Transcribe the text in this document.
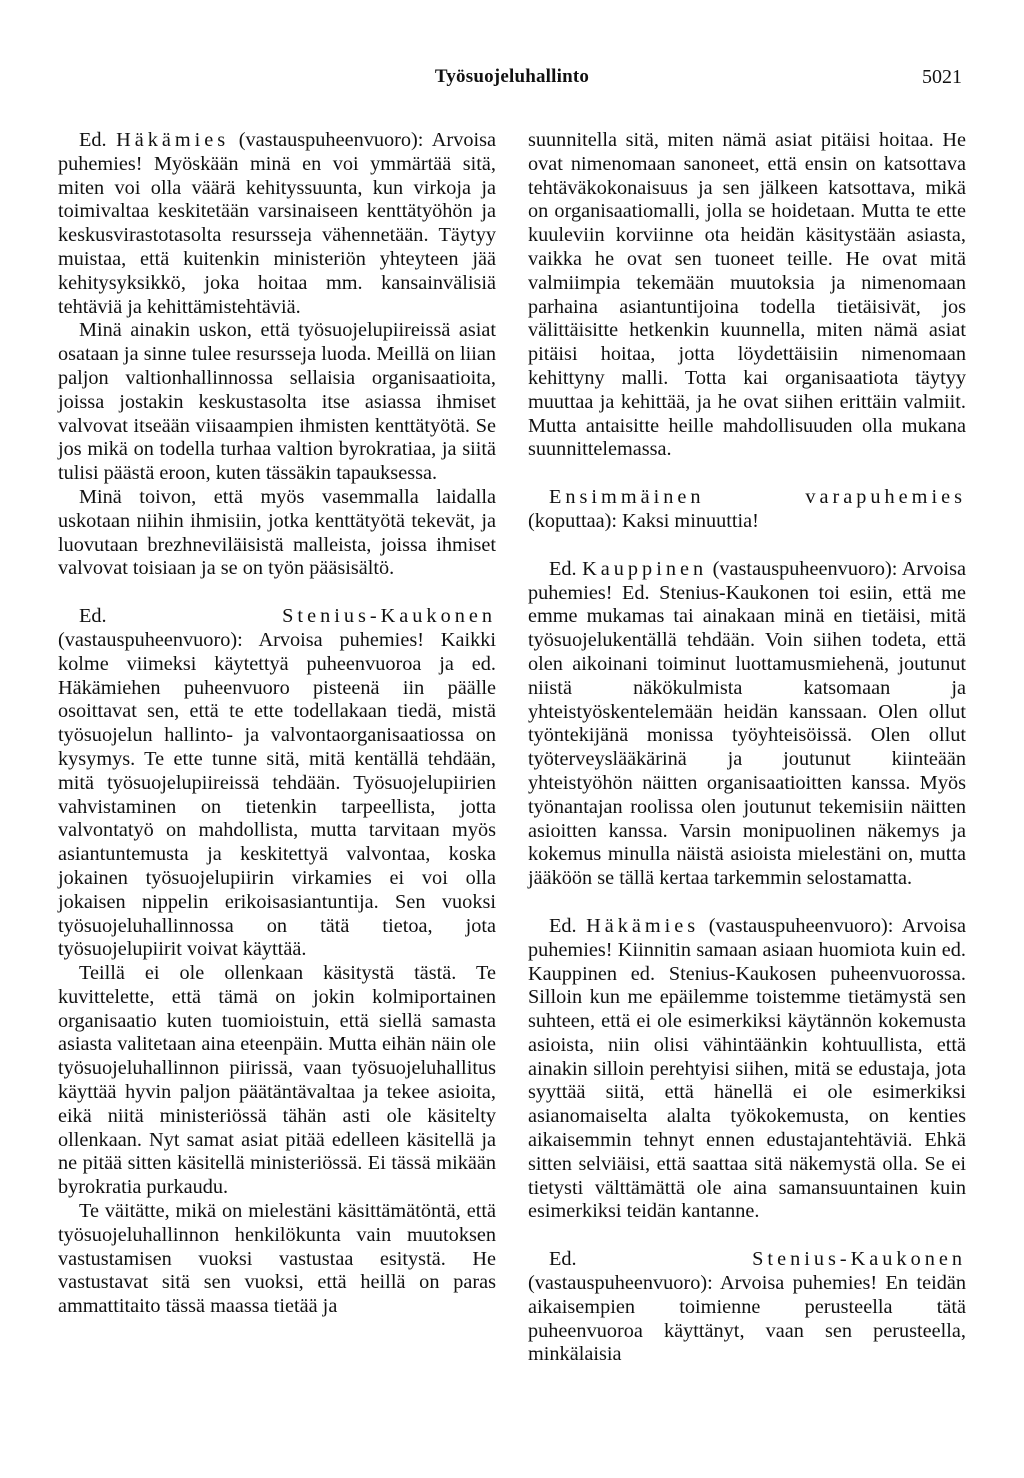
Työsuojeluhallinto	5021

Ed. Häkämies (vastauspuheenvuoro): Arvoisa puhemies! Myöskään minä en voi ymmärtää sitä, miten voi olla väärä kehityssuunta, kun virkoja ja toimivaltaa keskitetään varsinaiseen kenttätyöhön ja keskusvirastotasolta resursseja vähennetään. Täytyy muistaa, että kuitenkin ministeriön yhteyteen jää kehitysyksikkö, joka hoitaa mm. kansainvälisiä tehtäviä ja kehittämistehtäviä.

Minä ainakin uskon, että työsuojelupiireissä asiat osataan ja sinne tulee resursseja luoda. Meillä on liian paljon valtionhallinnossa sellaisia organisaatioita, joissa jostakin keskustasolta itse asiassa ihmiset valvovat itseään viisaampien ihmisten kenttätyötä. Se jos mikä on todella turhaa valtion byrokratiaa, ja siitä tulisi päästä eroon, kuten tässäkin tapauksessa.

Minä toivon, että myös vasemmalla laidalla uskotaan niihin ihmisiin, jotka kenttätyötä tekevät, ja luovutaan brezhneviläisistä malleista, joissa ihmiset valvovat toisiaan ja se on työn pääsisältö.

Ed. Stenius-Kaukonen (vastauspuheenvuoro): Arvoisa puhemies! Kaikki kolme viimeksi käytettyä puheenvuoroa ja ed. Häkämiehen puheenvuoro pisteenä iin päälle osoittavat sen, että te ette todellakaan tiedä, mistä työsuojelun hallinto- ja valvontaorganisaatiossa on kysymys. Te ette tunne sitä, mitä kentällä tehdään, mitä työsuojelupiireissä tehdään. Työsuojelupiirien vahvistaminen on tietenkin tarpeellista, jotta valvontatyö on mahdollista, mutta tarvitaan myös asiantuntemusta ja keskitettyä valvontaa, koska jokainen työsuojelupiirin virkamies ei voi olla jokaisen nippelin erikoisasiantuntija. Sen vuoksi työsuojeluhallinnossa on tätä tietoa, jota työsuojelupiirit voivat käyttää.

Teillä ei ole ollenkaan käsitystä tästä. Te kuvittelette, että tämä on jokin kolmiportainen organisaatio kuten tuomioistuin, että siellä samasta asiasta valitetaan aina eteenpäin. Mutta eihän näin ole työsuojeluhallinnon piirissä, vaan työsuojeluhallitus käyttää hyvin paljon päätäntävaltaa ja tekee asioita, eikä niitä ministeriössä tähän asti ole käsitelty ollenkaan. Nyt samat asiat pitää edelleen käsitellä ja ne pitää sitten käsitellä ministeriössä. Ei tässä mikään byrokratia purkaudu.

Te väitätte, mikä on mielestäni käsittämätöntä, että työsuojeluhallinnon henkilökunta vain muutoksen vastustamisen vuoksi vastustaa esitystä. He vastustavat sitä sen vuoksi, että heillä on paras ammattitaito tässä maassa tietää ja

suunnitella sitä, miten nämä asiat pitäisi hoitaa. He ovat nimenomaan sanoneet, että ensin on katsottava tehtäväkokonaisuus ja sen jälkeen katsottava, mikä on organisaatiomalli, jolla se hoidetaan. Mutta te ette kuuleviin korviinne ota heidän käsitystään asiasta, vaikka he ovat sen tuoneet teille. He ovat mitä valmiimpia tekemään muutoksia ja nimenomaan parhaina asiantuntijoina todella tietäisivät, jos välittäisitte hetkenkin kuunnella, miten nämä asiat pitäisi hoitaa, jotta löydettäisiin nimenomaan kehittyny malli. Totta kai organisaatiota täytyy muuttaa ja kehittää, ja he ovat siihen erittäin valmiit. Mutta antaisitte heille mahdollisuuden olla mukana suunnittelemassa.

Ensimmäinen varapuhemies (koputtaa): Kaksi minuuttia!

Ed. Kauppinen (vastauspuheenvuoro): Arvoisa puhemies! Ed. Stenius-Kaukonen toi esiin, että me emme mukamas tai ainakaan minä en tietäisi, mitä työsuojelukentällä tehdään. Voin siihen todeta, että olen aikoinani toiminut luottamusmiehenä, joutunut niistä näkökulmista katsomaan ja yhteistyöskentelemään heidän kanssaan. Olen ollut työntekijänä monissa työyhteisöissä. Olen ollut työterveyslääkärinä ja joutunut kiinteään yhteistyöhön näitten organisaatioitten kanssa. Myös työnantajan roolissa olen joutunut tekemisiin näitten asioitten kanssa. Varsin monipuolinen näkemys ja kokemus minulla näistä asioista mielestäni on, mutta jääköön se tällä kertaa tarkemmin selostamatta.

Ed. Häkämies (vastauspuheenvuoro): Arvoisa puhemies! Kiinnitin samaan asiaan huomiota kuin ed. Kauppinen ed. Stenius-Kaukosen puheenvuorossa. Silloin kun me epäilemme toistemme tietämystä sen suhteen, että ei ole esimerkiksi käytännön kokemusta asioista, niin olisi vähintäänkin kohtuullista, että ainakin silloin perehtyisi siihen, mitä se edustaja, jota syyttää siitä, että hänellä ei ole esimerkiksi asianomaiselta alalta työkokemusta, on kenties aikaisemmin tehnyt ennen edustajantehtäviä. Ehkä sitten selviäisi, että saattaa sitä näkemystä olla. Se ei tietysti välttämättä ole aina samansuuntainen kuin esimerkiksi teidän kantanne.

Ed. Stenius-Kaukonen (vastauspuheenvuoro): Arvoisa puhemies! En teidän aikaisempien toimienne perusteella tätä puheenvuoroa käyttänyt, vaan sen perusteella, minkälaisia
